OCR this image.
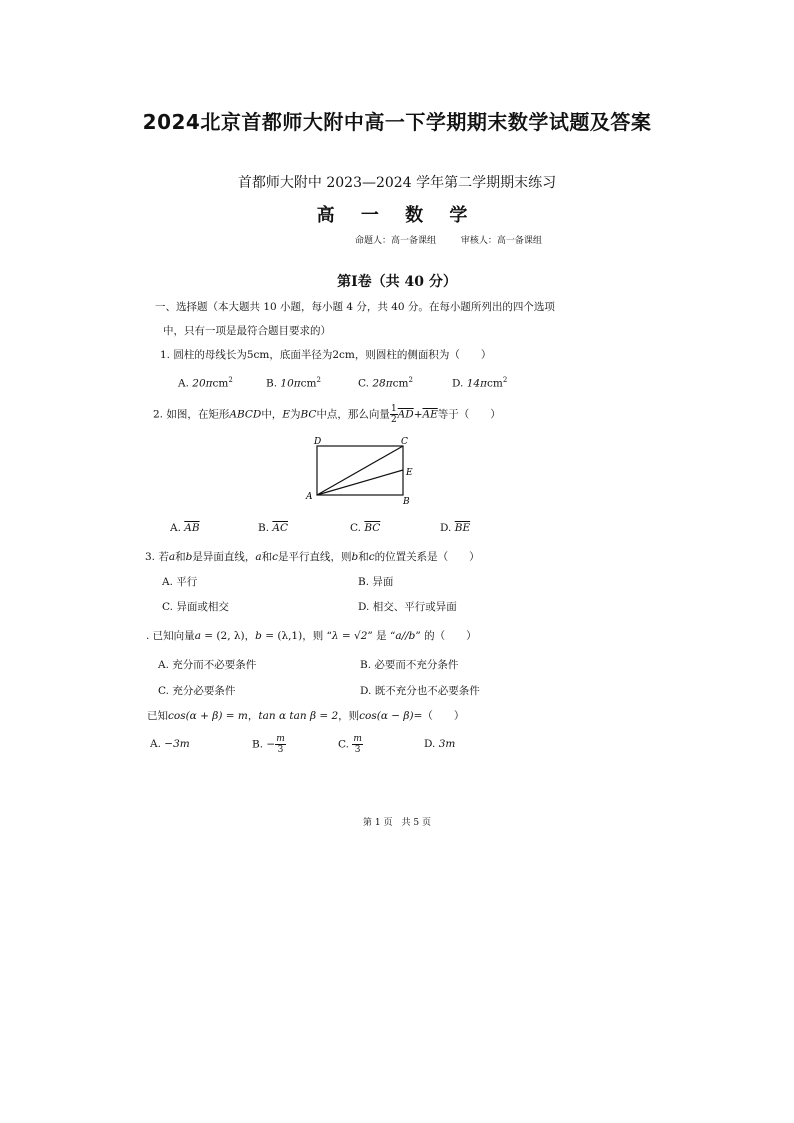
2024北京首都师大附中高一下学期期末数学试题及答案
首都师大附中 2023—2024 学年第二学期期末练习
高 一 数 学
命题人：高一备课组	审核人：高一备课组
第Ⅰ卷（共 40 分）
一、选择题（本大题共 10 小题，每小题 4 分，共 40 分。在每小题所列出的四个选项
中，只有一项是最符合题目要求的）
1. 圆柱的母线长为5cm，底面半径为2cm，则圆柱的侧面积为（　　）
A. 20πcm$^2$	B. 10πcm$^2$	C. 28πcm$^2$	D. 14πcm$^2$
2. 如图，在矩形ABCD中，E为BC中点，那么向量 $\frac{1}{2} \overline{AD}+\overline{AE}$等于（　　）
D	C
E
A	B
A. $\overline{AB}$	B. $\overline{AC}$	C. $\overline{BC}$	D. $\overline{BE}$
3. 若a和b是异面直线，a和c是平行直线，则b和c的位置关系是（　　）
A. 平行	B. 异面
C. 异面或相交	D. 相交、平行或异面
. 已知向量a = (2, λ)，b = (λ,1)，则 “λ = √2” 是 “a//b” 的（　　）
A. 充分而不必要条件	B. 必要而不充分条件
C. 充分必要条件	D. 既不充分也不必要条件
已知cos(α + β) = m，tan α tan β = 2，则cos(α − β)=（　　）
A. −3m	B. − $\frac{m}{3}$	C. $\frac{m}{3}$	D. 3m
第 1 页　共 5 页
